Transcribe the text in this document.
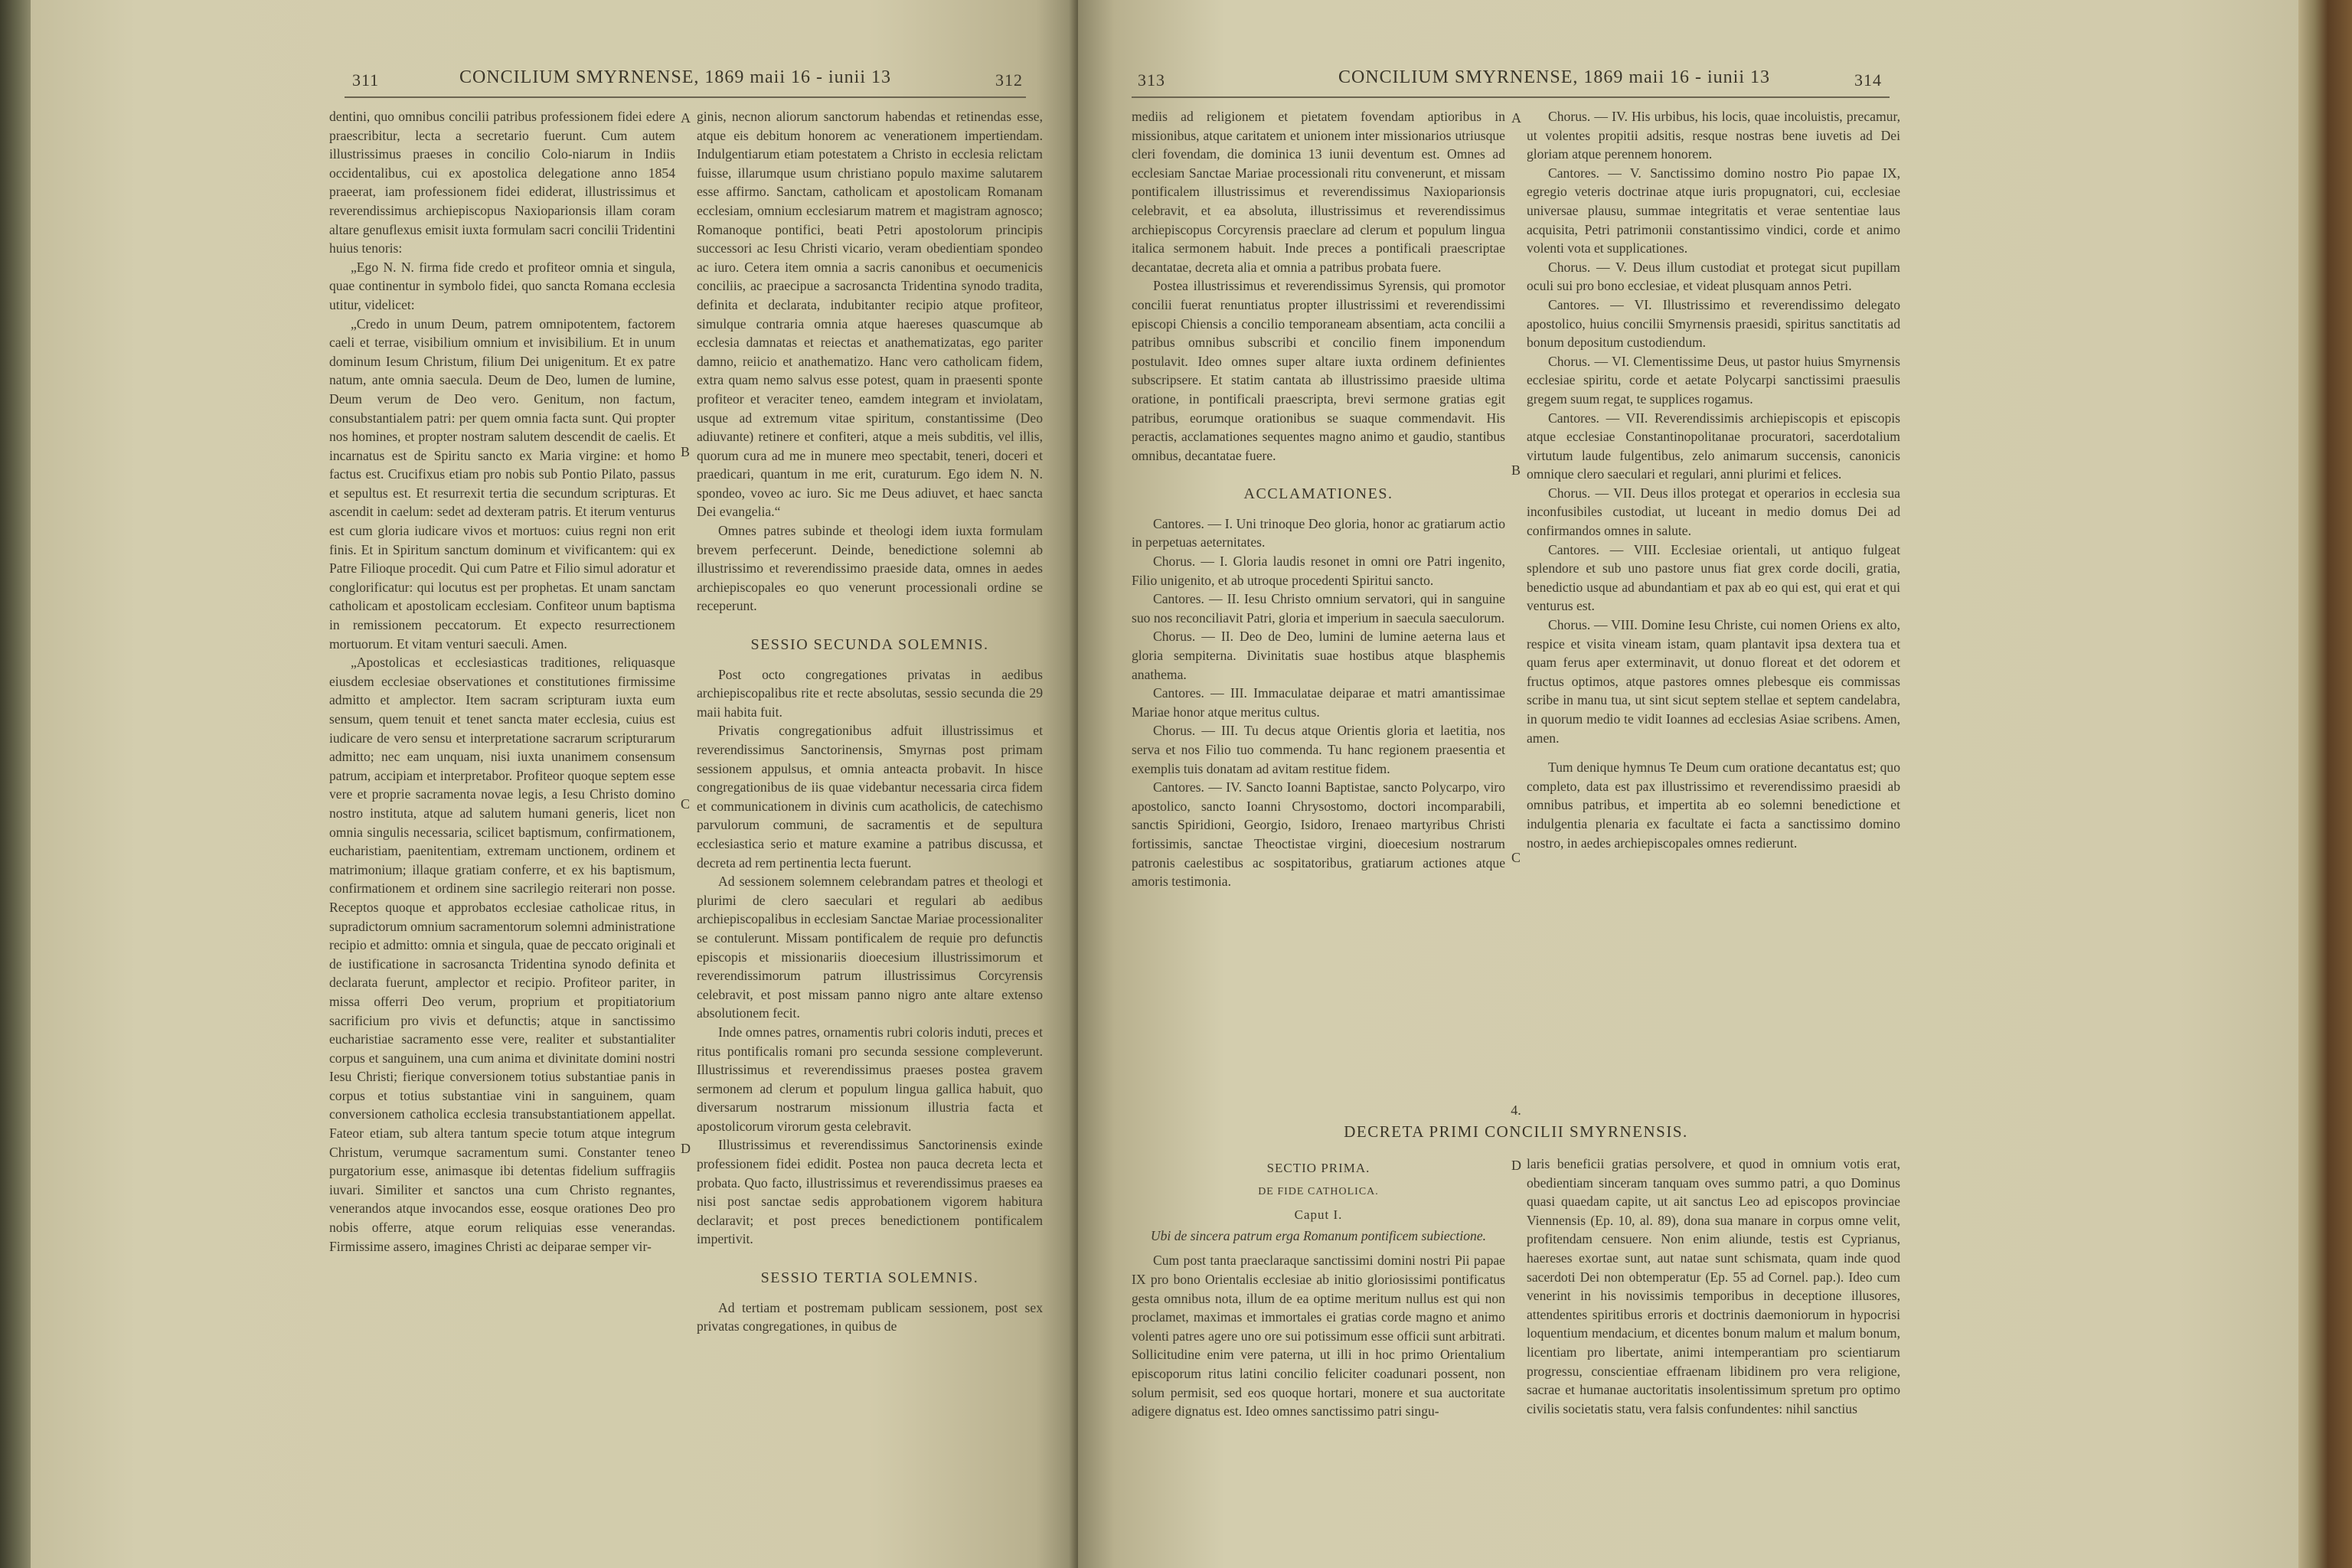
311	CONCILIUM SMYRNENSE, 1869 maii 16 - iunii 13	312

dentini, quo omnibus concilii patribus professionem fidei edere praescribitur, lecta a secretario fuerunt. Cum autem illustrissimus praeses in concilio Colo-niarum in Indiis occidentalibus, cui ex apostolica delegatione anno 1854 praeerat, iam professionem fidei ediderat, illustrissimus et reverendissimus archiepiscopus Naxioparionsis illam coram altare genuflexus emisit iuxta formulam sacri concilii Tridentini huius tenoris:

„Ego N. N. firma fide credo et profiteor omnia et singula, quae continentur in symbolo fidei, quo sancta Romana ecclesia utitur, videlicet:

„Credo in unum Deum, patrem omnipotentem, factorem caeli et terrae, visibilium omnium et invisibilium. Et in unum dominum Iesum Christum, filium Dei unigenitum. Et ex patre natum, ante omnia saecula. Deum de Deo, lumen de lumine, Deum verum de Deo vero. Genitum, non factum, consubstantialem patri: per quem omnia facta sunt. Qui propter nos homines, et propter nostram salutem descendit de caelis. Et incarnatus est de Spiritu sancto ex Maria virgine: et homo factus est. Crucifixus etiam pro nobis sub Pontio Pilato, passus et sepultus est. Et resurrexit tertia die secundum scripturas. Et ascendit in caelum: sedet ad dexteram patris. Et iterum venturus est cum gloria iudicare vivos et mortuos: cuius regni non erit finis. Et in Spiritum sanctum dominum et vivificantem: qui ex Patre Filioque procedit. Qui cum Patre et Filio simul adoratur et conglorificatur: qui locutus est per prophetas. Et unam sanctam catholicam et apostolicam ecclesiam. Confiteor unum baptisma in remissionem peccatorum. Et expecto resurrectionem mortuorum. Et vitam venturi saeculi. Amen.

„Apostolicas et ecclesiasticas traditiones, reliquasque eiusdem ecclesiae observationes et constitutiones firmissime admitto et amplector. Item sacram scripturam iuxta eum sensum, quem tenuit et tenet sancta mater ecclesia, cuius est iudicare de vero sensu et interpretatione sacrarum scripturarum admitto; nec eam unquam, nisi iuxta unanimem consensum patrum, accipiam et interpretabor. Profiteor quoque septem esse vere et proprie sacramenta novae legis, a Iesu Christo domino nostro instituta, atque ad salutem humani generis, licet non omnia singulis necessaria, scilicet baptismum, confirmationem, eucharistiam, paenitentiam, extremam unctionem, ordinem et matrimonium; illaque gratiam conferre, et ex his baptismum, confirmationem et ordinem sine sacrilegio reiterari non posse. Receptos quoque et approbatos ecclesiae catholicae ritus, in supradictorum omnium sacramentorum solemni administratione recipio et admitto: omnia et singula, quae de peccato originali et de iustificatione in sacrosancta Tridentina synodo definita et declarata fuerunt, amplector et recipio. Profiteor pariter, in missa offerri Deo verum, proprium et propitiatorium sacrificium pro vivis et defunctis; atque in sanctissimo eucharistiae sacramento esse vere, realiter et substantialiter corpus et sanguinem, una cum anima et divinitate domini nostri Iesu Christi; fierique conversionem totius substantiae panis in corpus et totius substantiae vini in sanguinem, quam conversionem catholica ecclesia transubstantiationem appellat. Fateor etiam, sub altera tantum specie totum atque integrum Christum, verumque sacramentum sumi. Constanter teneo purgatorium esse, animasque ibi detentas fidelium suffragiis iuvari. Similiter et sanctos una cum Christo regnantes, venerandos atque invocandos esse, eosque orationes Deo pro nobis offerre, atque eorum reliquias esse venerandas. Firmissime assero, imagines Christi ac deiparae semper vir-

ginis, necnon aliorum sanctorum habendas et retinendas esse, atque eis debitum honorem ac venerationem impertiendam. Indulgentiarum etiam potestatem a Christo in ecclesia relictam fuisse, illarumque usum christiano populo maxime salutarem esse affirmo. Sanctam, catholicam et apostolicam Romanam ecclesiam, omnium ecclesiarum matrem et magistram agnosco; Romanoque pontifici, beati Petri apostolorum principis successori ac Iesu Christi vicario, veram obedientiam spondeo ac iuro. Cetera item omnia a sacris canonibus et oecumenicis conciliis, ac praecipue a sacrosancta Tridentina synodo tradita, definita et declarata, indubitanter recipio atque profiteor, simulque contraria omnia atque haereses quascumque ab ecclesia damnatas et reiectas et anathematizatas, ego pariter damno, reiicio et anathematizo. Hanc vero catholicam fidem, extra quam nemo salvus esse potest, quam in praesenti sponte profiteor et veraciter teneo, eamdem integram et inviolatam, usque ad extremum vitae spiritum, constantissime (Deo adiuvante) retinere et confiteri, atque a meis subditis, vel illis, quorum cura ad me in munere meo spectabit, teneri, doceri et praedicari, quantum in me erit, curaturum. Ego idem N. N. spondeo, voveo ac iuro. Sic me Deus adiuvet, et haec sancta Dei evangelia.“

Omnes patres subinde et theologi idem iuxta formulam brevem perfecerunt. Deinde, benedictione solemni ab illustrissimo et reverendissimo praeside data, omnes in aedes archiepiscopales eo quo venerunt processionali ordine se receperunt.

SESSIO SECUNDA SOLEMNIS.

Post octo congregationes privatas in aedibus archiepiscopalibus rite et recte absolutas, sessio secunda die 29 maii habita fuit.

Privatis congregationibus adfuit illustrissimus et reverendissimus Sanctorinensis, Smyrnas post primam sessionem appulsus, et omnia anteacta probavit. In hisce congregationibus de iis quae videbantur necessaria circa fidem et communicationem in divinis cum acatholicis, de catechismo parvulorum communi, de sacramentis et de sepultura ecclesiastica serio et mature examine a patribus discussa, et decreta ad rem pertinentia lecta fuerunt.

Ad sessionem solemnem celebrandam patres et theologi et plurimi de clero saeculari et regulari ab aedibus archiepiscopalibus in ecclesiam Sanctae Mariae processionaliter se contulerunt. Missam pontificalem de requie pro defunctis episcopis et missionariis dioecesium illustrissimorum et reverendissimorum patrum illustrissimus Corcyrensis celebravit, et post missam panno nigro ante altare extenso absolutionem fecit.

Inde omnes patres, ornamentis rubri coloris induti, preces et ritus pontificalis romani pro secunda sessione compleverunt. Illustrissimus et reverendissimus praeses postea gravem sermonem ad clerum et populum lingua gallica habuit, quo diversarum nostrarum missionum illustria facta et apostolicorum virorum gesta celebravit.

Illustrissimus et reverendissimus Sanctorinensis exinde professionem fidei edidit. Postea non pauca decreta lecta et probata. Quo facto, illustrissimus et reverendissimus praeses ea nisi post sanctae sedis approbationem vigorem habitura declaravit; et post preces benedictionem pontificalem impertivit.

SESSIO TERTIA SOLEMNIS.

Ad tertiam et postremam publicam sessionem, post sex privatas congregationes, in quibus de

A
B
C
D
313	CONCILIUM SMYRNENSE, 1869 maii 16 - iunii 13	314

mediis ad religionem et pietatem fovendam aptioribus in missionibus, atque caritatem et unionem inter missionarios utriusque cleri fovendam, die dominica 13 iunii deventum est. Omnes ad ecclesiam Sanctae Mariae processionali ritu convenerunt, et missam pontificalem illustrissimus et reverendissimus Naxioparionsis celebravit, et ea absoluta, illustrissimus et reverendissimus archiepiscopus Corcyrensis praeclare ad clerum et populum lingua italica sermonem habuit. Inde preces a pontificali praescriptae decantatae, decreta alia et omnia a patribus probata fuere.

Postea illustrissimus et reverendissimus Syrensis, qui promotor concilii fuerat renuntiatus propter illustrissimi et reverendissimi episcopi Chiensis a concilio temporaneam absentiam, acta concilii a patribus omnibus subscribi et concilio finem imponendum postulavit. Ideo omnes super altare iuxta ordinem definientes subscripsere. Et statim cantata ab illustrissimo praeside ultima oratione, in pontificali praescripta, brevi sermone gratias egit patribus, eorumque orationibus se suaque commendavit. His peractis, acclamationes sequentes magno animo et gaudio, stantibus omnibus, decantatae fuere.

ACCLAMATIONES.

Cantores. — I. Uni trinoque Deo gloria, honor ac gratiarum actio in perpetuas aeternitates.

Chorus. — I. Gloria laudis resonet in omni ore Patri ingenito, Filio unigenito, et ab utroque procedenti Spiritui sancto.

Cantores. — II. Iesu Christo omnium servatori, qui in sanguine suo nos reconciliavit Patri, gloria et imperium in saecula saeculorum.

Chorus. — II. Deo de Deo, lumini de lumine aeterna laus et gloria sempiterna. Divinitatis suae hostibus atque blasphemis anathema.

Cantores. — III. Immaculatae deiparae et matri amantissimae Mariae honor atque meritus cultus.

Chorus. — III. Tu decus atque Orientis gloria et laetitia, nos serva et nos Filio tuo commenda. Tu hanc regionem praesentia et exemplis tuis donatam ad avitam restitue fidem.

Cantores. — IV. Sancto Ioanni Baptistae, sancto Polycarpo, viro apostolico, sancto Ioanni Chrysostomo, doctori incomparabili, sanctis Spiridioni, Georgio, Isidoro, Irenaeo martyribus Christi fortissimis, sanctae Theoctistae virgini, dioecesium nostrarum patronis caelestibus ac sospitatoribus, gratiarum actiones atque amoris testimonia.

Chorus. — IV. His urbibus, his locis, quae incoluistis, precamur, ut volentes propitii adsitis, resque nostras bene iuvetis ad Dei gloriam atque perennem honorem.

Cantores. — V. Sanctissimo domino nostro Pio papae IX, egregio veteris doctrinae atque iuris propugnatori, cui, ecclesiae universae plausu, summae integritatis et verae sententiae laus acquisita, Petri patrimonii constantissimo vindici, corde et animo volenti vota et supplicationes.

Chorus. — V. Deus illum custodiat et protegat sicut pupillam oculi sui pro bono ecclesiae, et videat plusquam annos Petri.

Cantores. — VI. Illustrissimo et reverendissimo delegato apostolico, huius concilii Smyrnensis praesidi, spiritus sanctitatis ad bonum depositum custodiendum.

Chorus. — VI. Clementissime Deus, ut pastor huius Smyrnensis ecclesiae spiritu, corde et aetate Polycarpi sanctissimi praesulis gregem suum regat, te supplices rogamus.

Cantores. — VII. Reverendissimis archiepiscopis et episcopis atque ecclesiae Constantinopolitanae procuratori, sacerdotalium virtutum laude fulgentibus, zelo animarum succensis, canonicis omnique clero saeculari et regulari, anni plurimi et felices.

Chorus. — VII. Deus illos protegat et operarios in ecclesia sua inconfusibiles custodiat, ut luceant in medio domus Dei ad confirmandos omnes in salute.

Cantores. — VIII. Ecclesiae orientali, ut antiquo fulgeat splendore et sub uno pastore unus fiat grex corde docili, gratia, benedictio usque ad abundantiam et pax ab eo qui est, qui erat et qui venturus est.

Chorus. — VIII. Domine Iesu Christe, cui nomen Oriens ex alto, respice et visita vineam istam, quam plantavit ipsa dextera tua et quam ferus aper exterminavit, ut donuo floreat et det odorem et fructus optimos, atque pastores omnes plebesque eis commissas scribe in manu tua, ut sint sicut septem stellae et septem candelabra, in quorum medio te vidit Ioannes ad ecclesias Asiae scribens. Amen, amen.

Tum denique hymnus Te Deum cum oratione decantatus est; quo completo, data est pax illustrissimo et reverendissimo praesidi ab omnibus patribus, et impertita ab eo solemni benedictione et indulgentia plenaria ex facultate ei facta a sanctissimo domino nostro, in aedes archiepiscopales omnes redierunt.

A
B
C
D
4.
DECRETA PRIMI CONCILII SMYRNENSIS.
SECTIO PRIMA.
DE FIDE CATHOLICA.
Caput I.

Ubi de sincera patrum erga Romanum pontificem subiectione.

Cum post tanta praeclaraque sanctissimi domini nostri Pii papae IX pro bono Orientalis ecclesiae ab initio gloriosissimi pontificatus gesta omnibus nota, illum de ea optime meritum nullus est qui non proclamet, maximas et immortales ei gratias corde magno et animo volenti patres agere uno ore sui potissimum esse officii sunt arbitrati. Sollicitudine enim vere paterna, ut illi in hoc primo Orientalium episcoporum ritus latini concilio feliciter coadunari possent, non solum permisit, sed eos quoque hortari, monere et sua auctoritate adigere dignatus est. Ideo omnes sanctissimo patri singu-

laris beneficii gratias persolvere, et quod in omnium votis erat, obedientiam sinceram tanquam oves summo patri, a quo Dominus quasi quaedam capite, ut ait sanctus Leo ad episcopos provinciae Viennensis (Ep. 10, al. 89), dona sua manare in corpus omne velit, profitendam censuere. Non enim aliunde, testis est Cyprianus, haereses exortae sunt, aut natae sunt schismata, quam inde quod sacerdoti Dei non obtemperatur (Ep. 55 ad Cornel. pap.). Ideo cum venerint in his novissimis temporibus in deceptione illusores, attendentes spiritibus erroris et doctrinis daemoniorum in hypocrisi loquentium mendacium, et dicentes bonum malum et malum bonum, licentiam pro libertate, animi intemperantiam pro scientiarum progressu, conscientiae effraenam libidinem pro vera religione, sacrae et humanae auctoritatis insolentissimum spretum pro optimo civilis societatis statu, vera falsis confundentes: nihil sanctius
